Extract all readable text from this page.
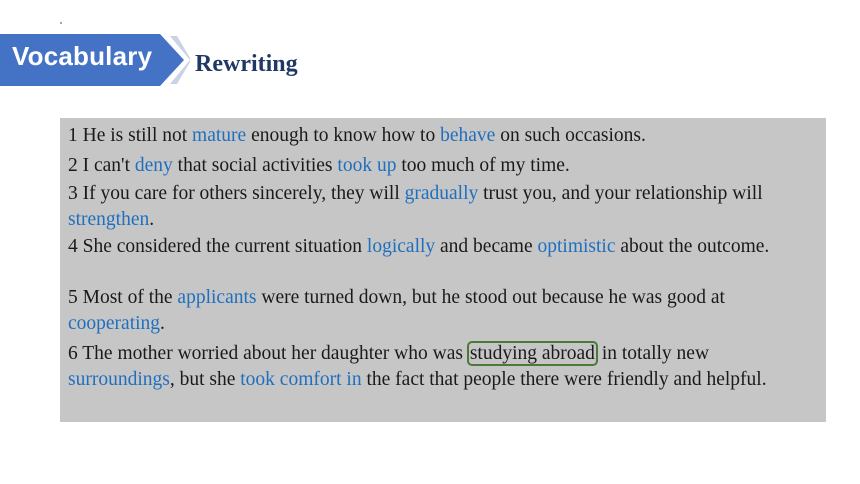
Vocabulary Rewriting
1 He is still not mature enough to know how to behave on such occasions.
2 I can't deny that social activities took up too much of my time.
3 If you care for others sincerely, they will gradually trust you, and your relationship will strengthen.
4 She considered the current situation logically and became optimistic about the outcome.
5 Most of the applicants were turned down, but he stood out because he was good at cooperating.
6 The mother worried about her daughter who was studying abroad in totally new surroundings, but she took comfort in the fact that people there were friendly and helpful.
